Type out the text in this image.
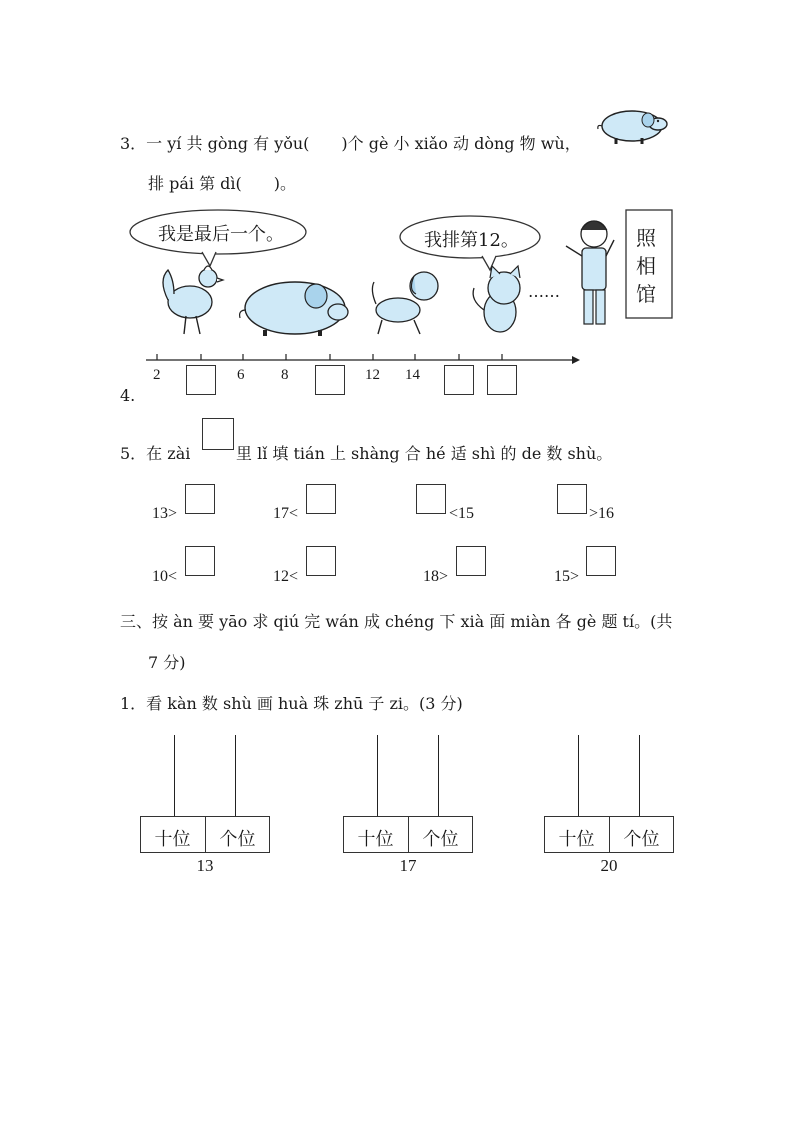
3．一 yí 共 gòng 有 yǒu(　　)个 gè 小 xiǎo 动 dòng 物 wù，
排 pái 第 dì(　　)。
我是最后一个。	我排第12。
……
照
相
馆
2	6 8	12 14
4.
5．在 zài	里 lǐ 填 tián 上 shàng 合 hé 适 shì 的 de 数 shù。
13>	17<	<15	>16
10<	12<	18>	15>
三、按 àn 要 yāo 求 qiú 完 wán 成 chéng 下 xià 面 miàn 各 gè 题 tí。(共
7 分)
1．看 kàn 数 shù 画 huà 珠 zhū 子 zi。(3 分)
十位	个位
13
十位	个位
17
十位	个位
20
